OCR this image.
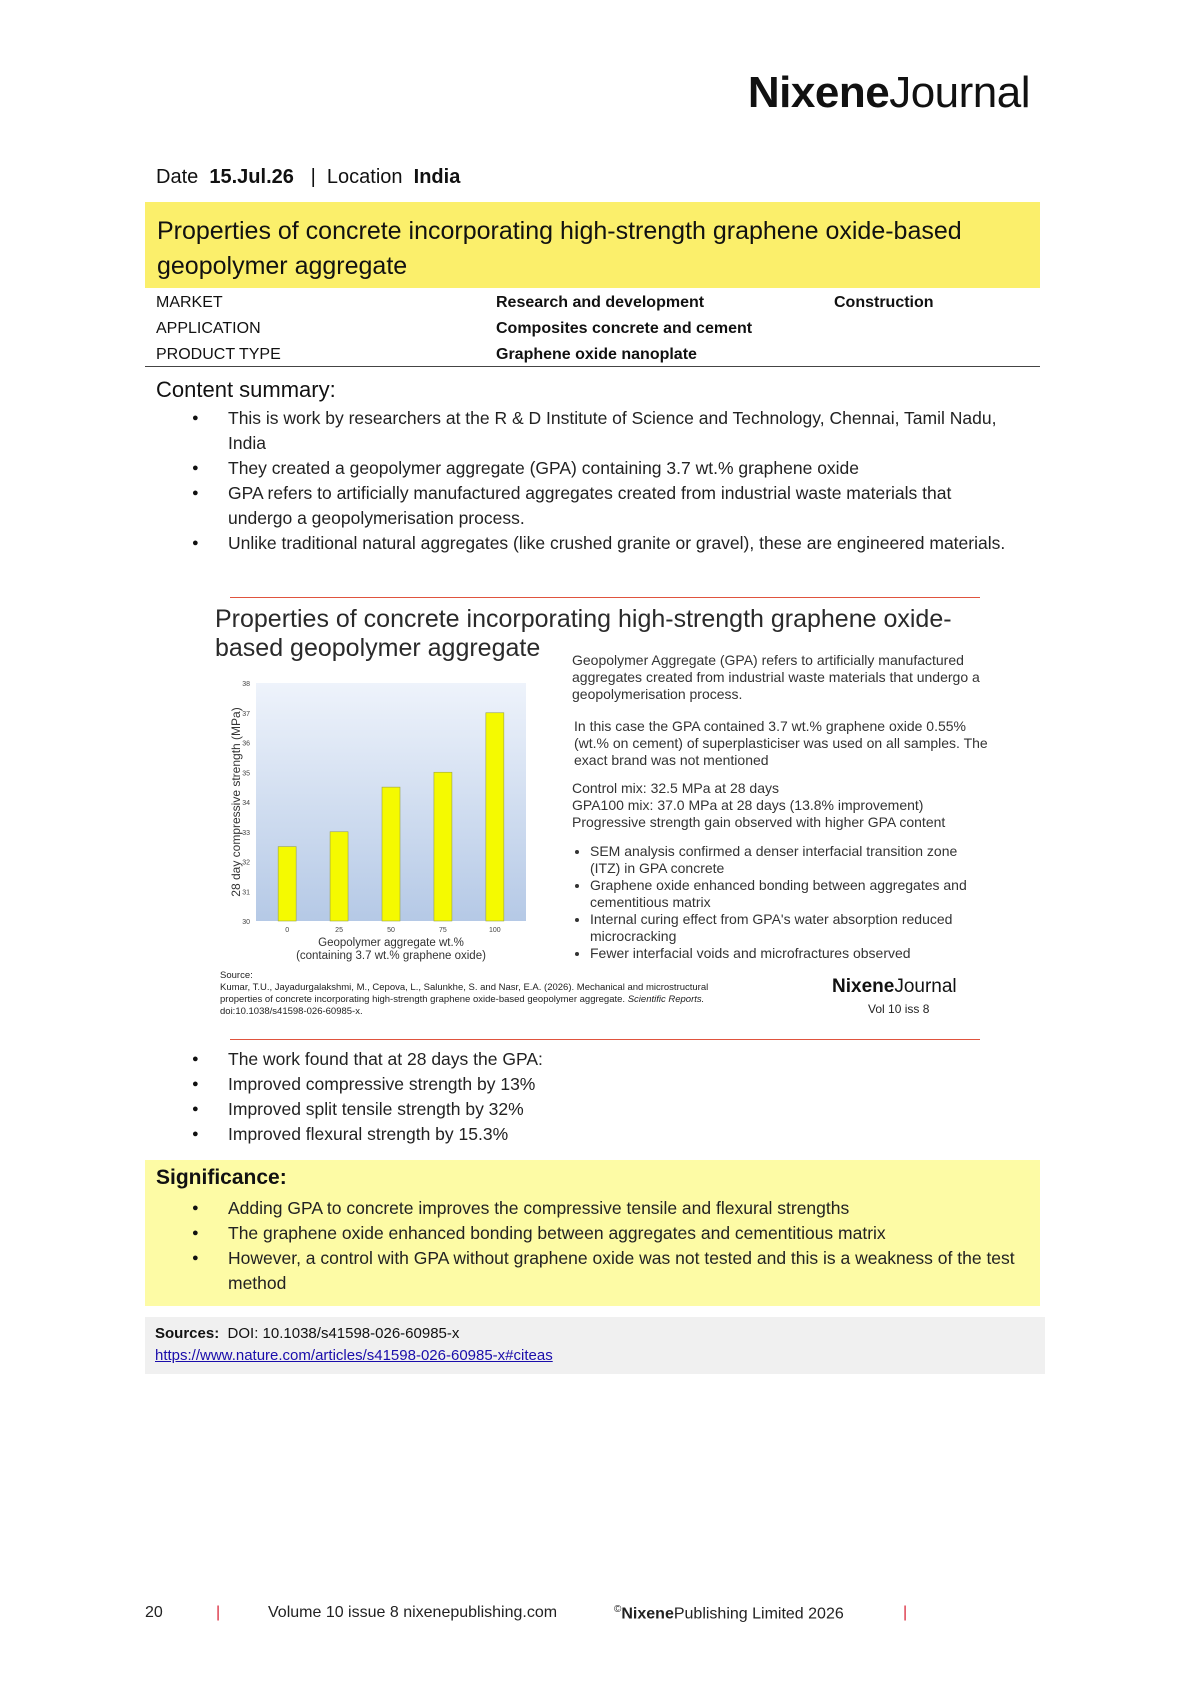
NixeneJournal
Date 15.Jul.26 | Location India
Properties of concrete incorporating high-strength graphene oxide-based geopolymer aggregate
MARKET	Research and development	Construction
APPLICATION	Composites concrete and cement
PRODUCT TYPE	Graphene oxide nanoplate
Content summary:
● This is work by researchers at the R & D Institute of Science and Technology, Chennai, Tamil Nadu, India
● They created a geopolymer aggregate (GPA) containing 3.7 wt.% graphene oxide
● GPA refers to artificially manufactured aggregates created from industrial waste materials that undergo a geopolymerisation process.
● Unlike traditional natural aggregates (like crushed granite or gravel), these are engineered materials.
Properties of concrete incorporating high-strength graphene oxide-based geopolymer aggregate
30
31
32
33
34
35
36
37
38
0	25	50	75	100
28 day compressive strength (MPa)
Geopolymer aggregate wt.%
(containing 3.7 wt.% graphene oxide)
Geopolymer Aggregate (GPA) refers to artificially manufactured aggregates created from industrial waste materials that undergo a geopolymerisation process.
In this case the GPA contained 3.7 wt.% graphene oxide 0.55% (wt.% on cement) of superplasticiser was used on all samples. The exact brand was not mentioned
Control mix: 32.5 MPa at 28 days
GPA100 mix: 37.0 MPa at 28 days (13.8% improvement)
Progressive strength gain observed with higher GPA content
• SEM analysis confirmed a denser interfacial transition zone (ITZ) in GPA concrete
• Graphene oxide enhanced bonding between aggregates and cementitious matrix
• Internal curing effect from GPA's water absorption reduced microcracking
• Fewer interfacial voids and microfractures observed
Source:
Kumar, T.U., Jayadurgalakshmi, M., Cepova, L., Salunkhe, S. and Nasr, E.A. (2026). Mechanical and microstructural properties of concrete incorporating high-strength graphene oxide-based geopolymer aggregate. Scientific Reports. doi:10.1038/s41598-026-60985-x.
NixeneJournal
Vol 10 iss 8
● The work found that at 28 days the GPA:
● Improved compressive strength by 13%
● Improved split tensile strength by 32%
● Improved flexural strength by 15.3%
Significance:
● Adding GPA to concrete improves the compressive tensile and flexural strengths
● The graphene oxide enhanced bonding between aggregates and cementitious matrix
● However, a control with GPA without graphene oxide was not tested and this is a weakness of the test method
Sources: DOI: 10.1038/s41598-026-60985-x
https://www.nature.com/articles/s41598-026-60985-x#citeas
20	|	Volume 10 issue 8 nixenepublishing.com	©NixenePublishing Limited 2026	|
